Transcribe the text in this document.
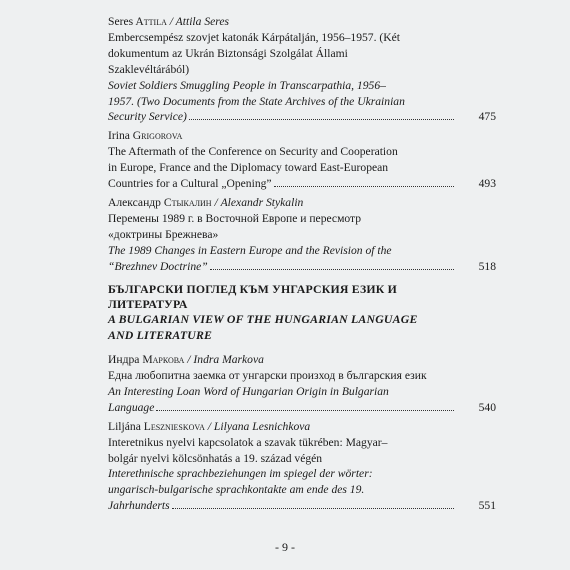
Seres Attila / Attila Seres
Embercsempész szovjet katonák Kárpátalján, 1956–1957. (Két
dokumentum az Ukrán Biztonsági Szolgálat Állami
Szaklevéltárából)
Soviet Soldiers Smuggling People in Transcarpathia, 1956–
1957. (Two Documents from the State Archives of the Ukrainian
Security Service)	475
Irina Grigorova
The Aftermath of the Conference on Security and Cooperation
in Europe, France and the Diplomacy toward East-European
Countries for a Cultural „Opening”	493
Александр Стыкалин / Alexandr Stykalin
Перемены 1989 г. в Восточной Европе и пересмотр
«доктрины Брежнева»
The 1989 Changes in Eastern Europe and the Revision of the
“Brezhnev Doctrine”	518
БЪЛГАРСКИ ПОГЛЕД КЪМ УНГАРСКИЯ ЕЗИК И
ЛИТЕРАТУРА
A BULGARIAN VIEW OF THE HUNGARIAN LANGUAGE
AND LITERATURE
Индра Маркова / Indra Markova
Една любопитна заемка от унгарски произход в българския език
An Interesting Loan Word of Hungarian Origin in Bulgarian
Language	540
Liljána Lesznieskova / Lilyana Lesnichkova
Interetnikus nyelvi kapcsolatok a szavak tükrében: Magyar–
bolgár nyelvi kölcsönhatás a 19. század végén
Interethnische sprachbeziehungen im spiegel der wörter:
ungarisch-bulgarische sprachkontakte am ende des 19.
Jahrhunderts	551
- 9 -
